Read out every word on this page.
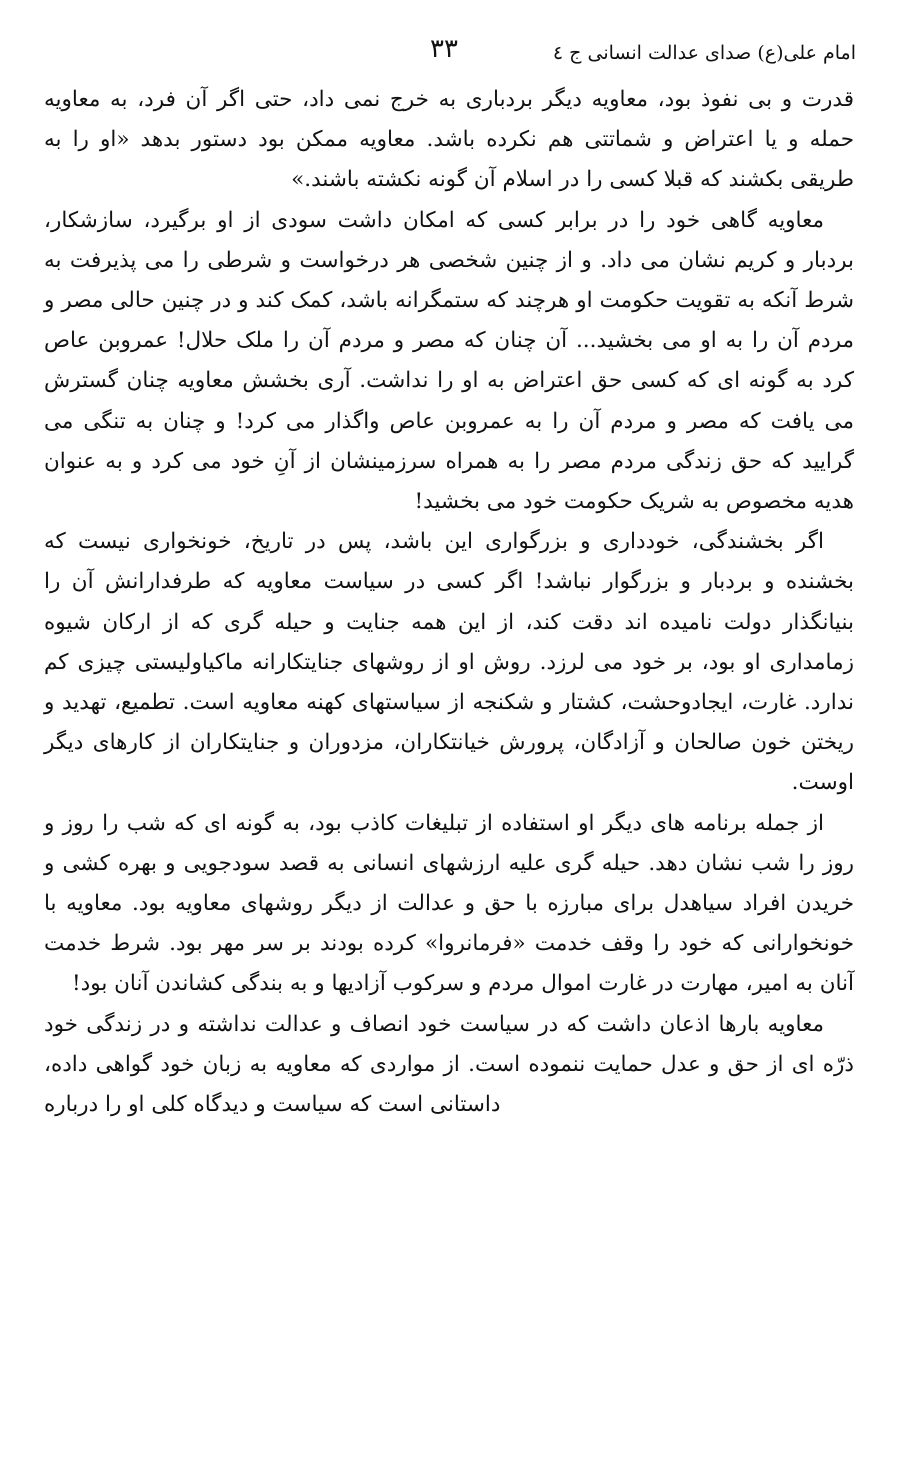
امام علی(ع) صدای عدالت انسانی ج ٤
٣٣

قدرت و بی نفوذ بود، معاویه دیگر بردباری به خرج نمی داد، حتی اگر آن فرد، به معاویه حمله و یا اعتراض و شماتتی هم نکرده باشد. معاویه ممکن بود دستور بدهد «او را به طریقی بکشند که قبلا کسی را در اسلام آن گونه نکشته باشند.»

معاویه گاهی خود را در برابر کسی که امکان داشت سودی از او برگیرد، سازشکار، بردبار و کریم نشان می داد. و از چنین شخصی هر درخواست و شرطی را می پذیرفت به شرط آنکه به تقویت حکومت او هرچند که ستمگرانه باشد، کمک کند و در چنین حالی مصر و مردم آن را به او می بخشید... آن چنان که مصر و مردم آن را ملک حلال! عمروبن عاص کرد به گونه ای که کسی حق اعتراض به او را نداشت. آری بخشش معاویه چنان گسترش می یافت که مصر و مردم آن را به عمروبن عاص واگذار می کرد! و چنان به تنگی می گرایید که حق زندگی مردم مصر را به همراه سرزمینشان از آنِ خود می کرد و به عنوان هدیه مخصوص به شریک حکومت خود می بخشید!

اگر بخشندگی، خودداری و بزرگواری این باشد، پس در تاریخ، خونخواری نیست که بخشنده و بردبار و بزرگوار نباشد! اگر کسی در سیاست معاویه که طرفدارانش آن را بنیانگذار دولت نامیده اند دقت کند، از این همه جنایت و حیله گری که از ارکان شیوه زمامداری او بود، بر خود می لرزد. روش او از روشهای جنایتکارانه ماکیاولیستی چیزی کم ندارد. غارت، ایجادوحشت، کشتار و شکنجه از سیاستهای کهنه معاویه است. تطمیع، تهدید و ریختن خون صالحان و آزادگان، پرورش خیانتکاران، مزدوران و جنایتکاران از کارهای دیگر اوست.

از جمله برنامه های دیگر او استفاده از تبلیغات کاذب بود، به گونه ای که شب را روز و روز را شب نشان دهد. حیله گری علیه ارزشهای انسانی به قصد سودجویی و بهره کشی و خریدن افراد سیاهدل برای مبارزه با حق و عدالت از دیگر روشهای معاویه بود. معاویه با خونخوارانی که خود را وقف خدمت «فرمانروا» کرده بودند بر سر مهر بود. شرط خدمت آنان به امیر، مهارت در غارت اموال مردم و سرکوب آزادیها و به بندگی کشاندن آنان بود!

معاویه بارها اذعان داشت که در سیاست خود انصاف و عدالت نداشته و در زندگی خود ذرّه ای از حق و عدل حمایت ننموده است. از مواردی که معاویه به زبان خود گواهی داده، داستانی است که سیاست و دیدگاه کلی او را درباره
